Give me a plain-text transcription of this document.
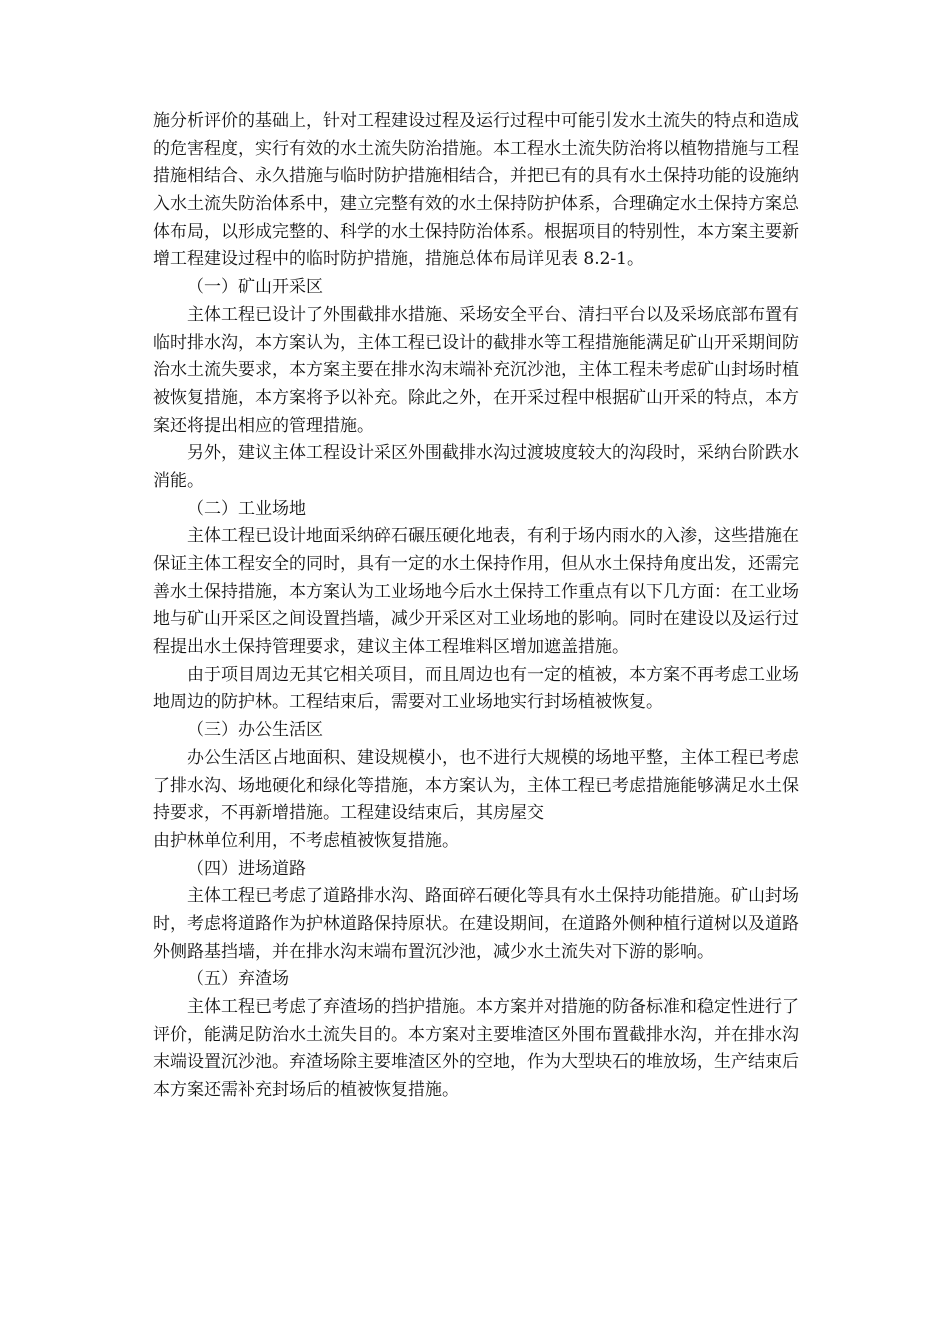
施分析评价的基础上，针对工程建设过程及运行过程中可能引发水土流失的特点和造成
的危害程度，实行有效的水土流失防治措施。本工程水土流失防治将以植物措施与工程
措施相结合、永久措施与临时防护措施相结合，并把已有的具有水土保持功能的设施纳
入水土流失防治体系中，建立完整有效的水土保持防护体系，合理确定水土保持方案总
体布局，以形成完整的、科学的水土保持防治体系。根据项目的特别性，本方案主要新
增工程建设过程中的临时防护措施，措施总体布局详见表 8.2-1。
（一）矿山开采区
主体工程已设计了外围截排水措施、采场安全平台、清扫平台以及采场底部布置有
临时排水沟，本方案认为，主体工程已设计的截排水等工程措施能满足矿山开采期间防
治水土流失要求，本方案主要在排水沟末端补充沉沙池，主体工程未考虑矿山封场时植
被恢复措施，本方案将予以补充。除此之外，在开采过程中根据矿山开采的特点，本方
案还将提出相应的管理措施。
另外，建议主体工程设计采区外围截排水沟过渡坡度较大的沟段时，采纳台阶跌水
消能。
（二）工业场地
主体工程已设计地面采纳碎石碾压硬化地表，有利于场内雨水的入渗，这些措施在
保证主体工程安全的同时，具有一定的水土保持作用，但从水土保持角度出发，还需完
善水土保持措施，本方案认为工业场地今后水土保持工作重点有以下几方面：在工业场
地与矿山开采区之间设置挡墙，减少开采区对工业场地的影响。同时在建设以及运行过
程提出水土保持管理要求，建议主体工程堆料区增加遮盖措施。
由于项目周边无其它相关项目，而且周边也有一定的植被，本方案不再考虑工业场
地周边的防护林。工程结束后，需要对工业场地实行封场植被恢复。
（三）办公生活区
办公生活区占地面积、建设规模小，也不进行大规模的场地平整，主体工程已考虑
了排水沟、场地硬化和绿化等措施，本方案认为，主体工程已考虑措施能够满足水土保
持要求，不再新增措施。工程建设结束后，其房屋交
由护林单位利用，不考虑植被恢复措施。
（四）进场道路
主体工程已考虑了道路排水沟、路面碎石硬化等具有水土保持功能措施。矿山封场
时，考虑将道路作为护林道路保持原状。在建设期间，在道路外侧种植行道树以及道路
外侧路基挡墙，并在排水沟末端布置沉沙池，减少水土流失对下游的影响。
（五）弃渣场
主体工程已考虑了弃渣场的挡护措施。本方案并对措施的防备标准和稳定性进行了
评价，能满足防治水土流失目的。本方案对主要堆渣区外围布置截排水沟，并在排水沟
末端设置沉沙池。弃渣场除主要堆渣区外的空地，作为大型块石的堆放场，生产结束后
本方案还需补充封场后的植被恢复措施。
